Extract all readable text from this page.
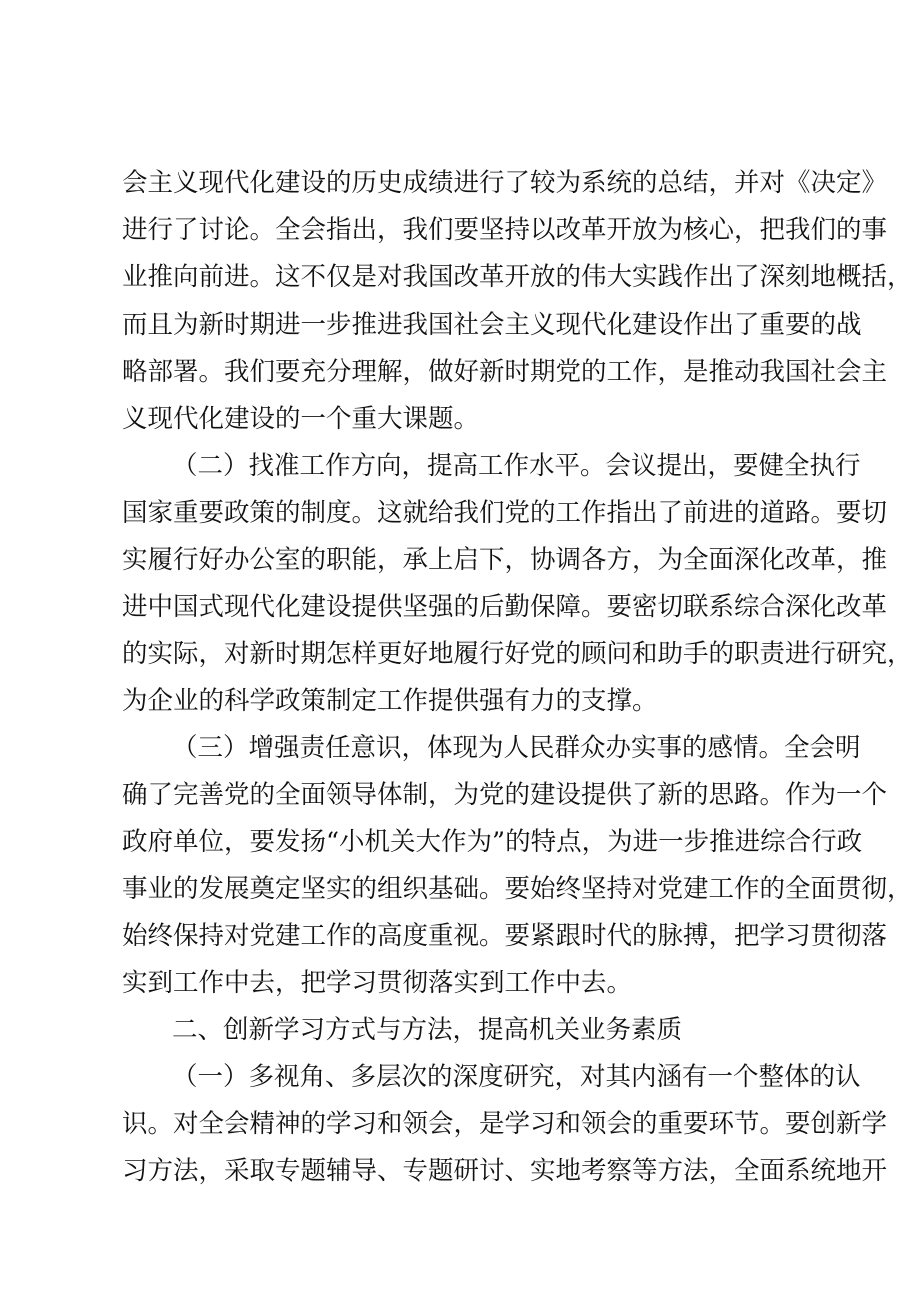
会主义现代化建设的历史成绩进行了较为系统的总结，并对《决定》

进行了讨论。全会指出，我们要坚持以改革开放为核心，把我们的事

业推向前进。这不仅是对我国改革开放的伟大实践作出了深刻地概括，

而且为新时期进一步推进我国社会主义现代化建设作出了重要的战

略部署。我们要充分理解，做好新时期党的工作，是推动我国社会主

义现代化建设的一个重大课题。

（二）找准工作方向，提高工作水平。会议提出，要健全执行

国家重要政策的制度。这就给我们党的工作指出了前进的道路。要切

实履行好办公室的职能，承上启下，协调各方，为全面深化改革，推

进中国式现代化建设提供坚强的后勤保障。要密切联系综合深化改革

的实际，对新时期怎样更好地履行好党的顾问和助手的职责进行研究，

为企业的科学政策制定工作提供强有力的支撑。

（三）增强责任意识，体现为人民群众办实事的感情。全会明

确了完善党的全面领导体制，为党的建设提供了新的思路。作为一个

政府单位，要发扬“小机关大作为”的特点，为进一步推进综合行政

事业的发展奠定坚实的组织基础。要始终坚持对党建工作的全面贯彻，

始终保持对党建工作的高度重视。要紧跟时代的脉搏，把学习贯彻落

实到工作中去，把学习贯彻落实到工作中去。

二、创新学习方式与方法，提高机关业务素质

（一）多视角、多层次的深度研究，对其内涵有一个整体的认

识。对全会精神的学习和领会，是学习和领会的重要环节。要创新学

习方法，采取专题辅导、专题研讨、实地考察等方法，全面系统地开
